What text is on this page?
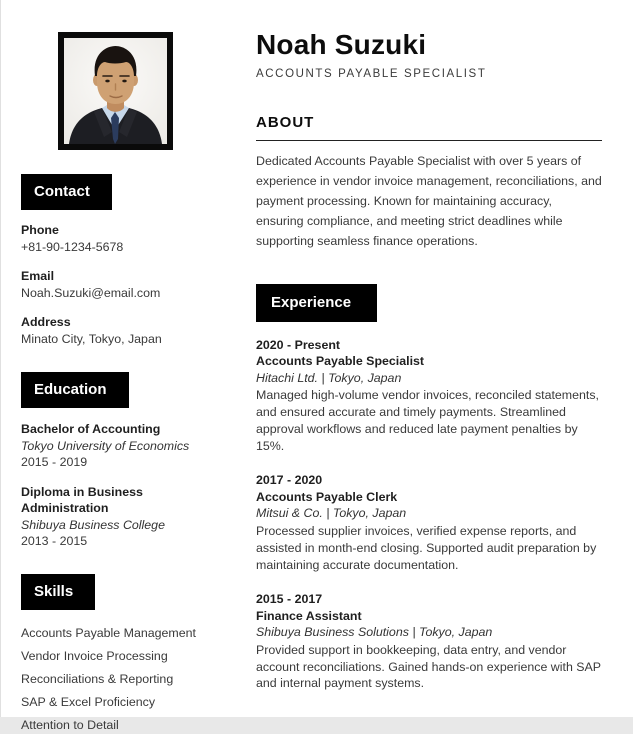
Contact
Phone
+81-90-1234-5678
Email
Noah.Suzuki@email.com
Address
Minato City, Tokyo, Japan
Education
Bachelor of Accounting
Tokyo University of Economics
2015 - 2019
Diploma in Business Administration
Shibuya Business College
2013 - 2015
Skills
Accounts Payable Management
Vendor Invoice Processing
Reconciliations & Reporting
SAP & Excel Proficiency
Attention to Detail
Noah Suzuki
ACCOUNTS PAYABLE SPECIALIST
ABOUT

Dedicated Accounts Payable Specialist with over 5 years of experience in vendor invoice management, reconciliations, and payment processing. Known for maintaining accuracy, ensuring compliance, and meeting strict deadlines while supporting seamless finance operations.

Experience
2020 - Present
Accounts Payable Specialist
Hitachi Ltd. | Tokyo, Japan
Managed high-volume vendor invoices, reconciled statements, and ensured accurate and timely payments. Streamlined approval workflows and reduced late payment penalties by 15%.
2017 - 2020
Accounts Payable Clerk
Mitsui & Co. | Tokyo, Japan
Processed supplier invoices, verified expense reports, and assisted in month-end closing. Supported audit preparation by maintaining accurate documentation.
2015 - 2017
Finance Assistant
Shibuya Business Solutions | Tokyo, Japan
Provided support in bookkeeping, data entry, and vendor account reconciliations. Gained hands-on experience with SAP and internal payment systems.
